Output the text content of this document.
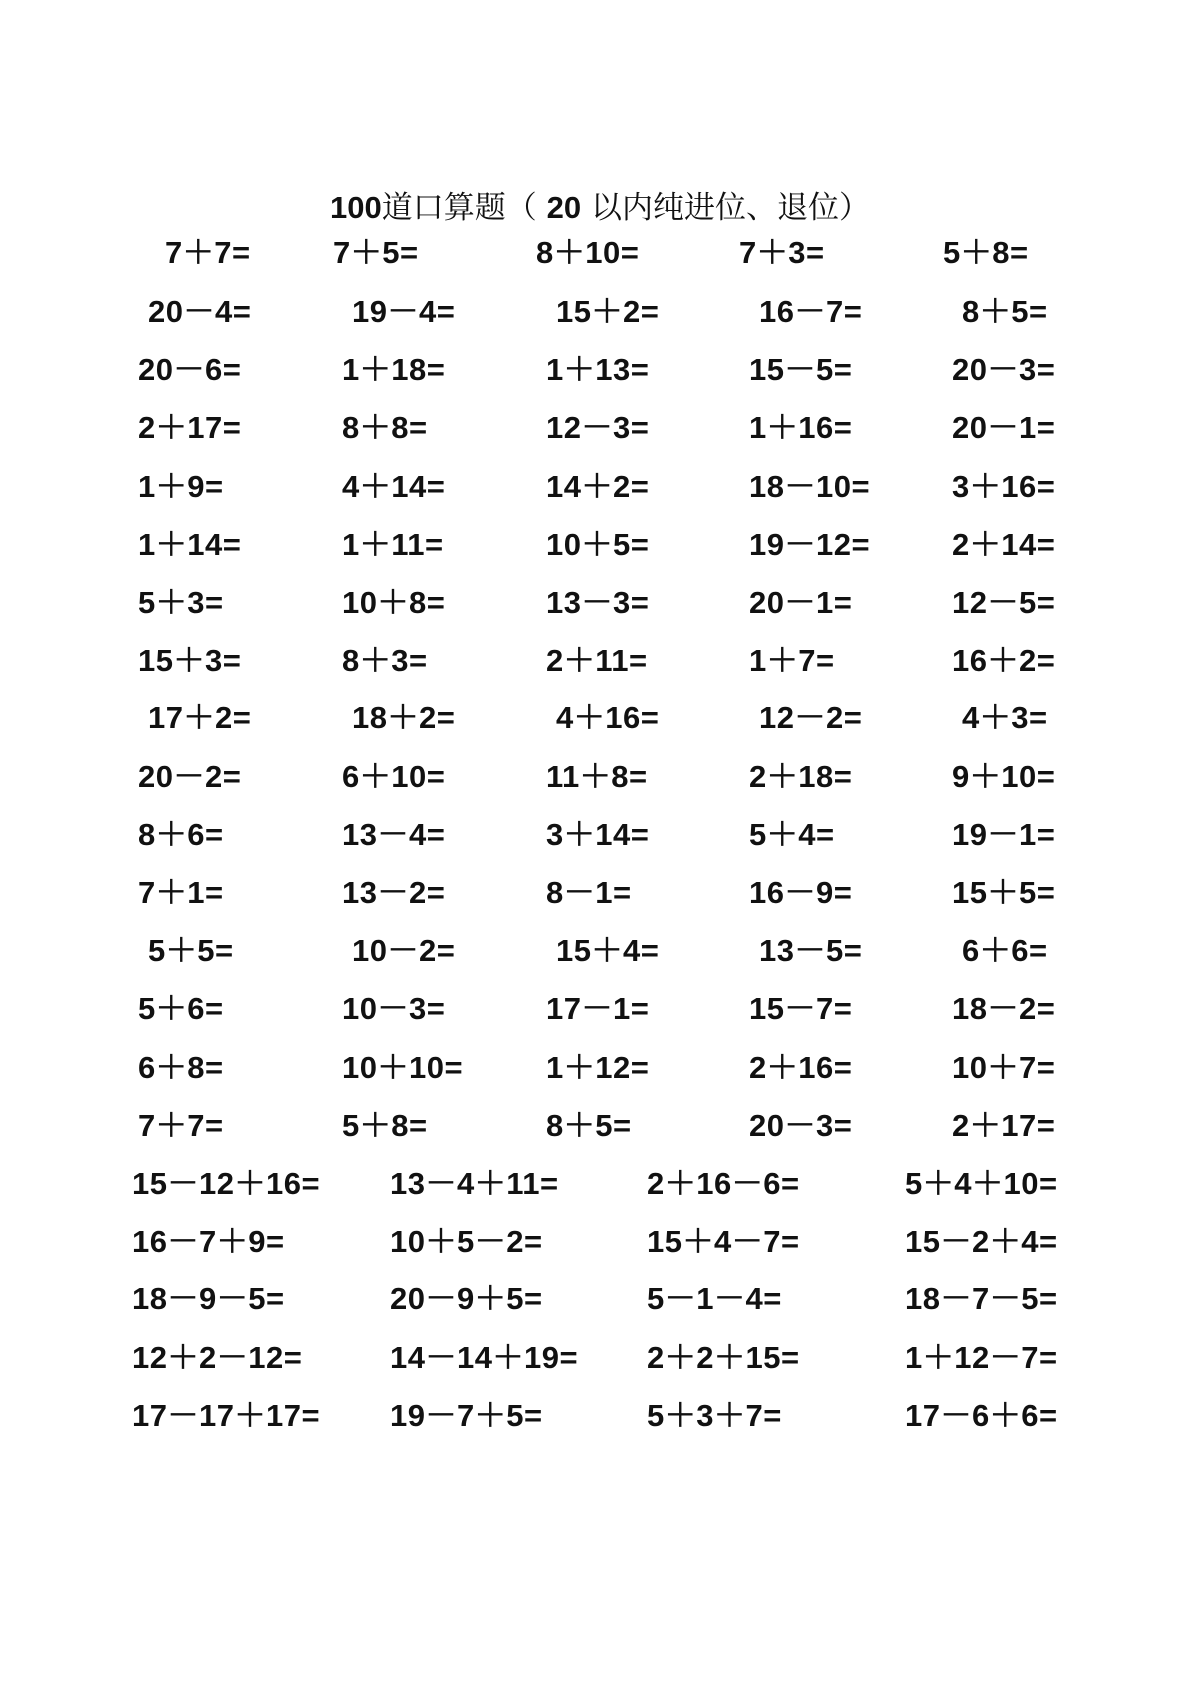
100道口算题（ 20 以内纯进位、退位）
7＋7=	7＋5=	8＋10=	7＋3=	5＋8=
20－4=	19－4=	15＋2=	16－7=	8＋5=
20－6=	1＋18=	1＋13=	15－5=	20－3=
2＋17=	8＋8=	12－3=	1＋16=	20－1=
1＋9=	4＋14=	14＋2=	18－10=	3＋16=
1＋14=	1＋11=	10＋5=	19－12=	2＋14=
5＋3=	10＋8=	13－3=	20－1=	12－5=
15＋3=	8＋3=	2＋11=	1＋7=	16＋2=
17＋2=	18＋2=	4＋16=	12－2=	4＋3=
20－2=	6＋10=	11＋8=	2＋18=	9＋10=
8＋6=	13－4=	3＋14=	5＋4=	19－1=
7＋1=	13－2=	8－1=	16－9=	15＋5=
5＋5=	10－2=	15＋4=	13－5=	6＋6=
5＋6=	10－3=	17－1=	15－7=	18－2=
6＋8=	10＋10=	1＋12=	2＋16=	10＋7=
7＋7=	5＋8=	8＋5=	20－3=	2＋17=
15－12＋16= 13－4＋11=	2＋16－6=	5＋4＋10=
16－7＋9=	10＋5－2=	15＋4－7=	15－2＋4=
18－9－5=	20－9＋5=	5－1－4=	18－7－5=
12＋2－12=	14－14＋19= 2＋2＋15=	1＋12－7=
17－17＋17= 19－7＋5=	5＋3＋7=	17－6＋6=
